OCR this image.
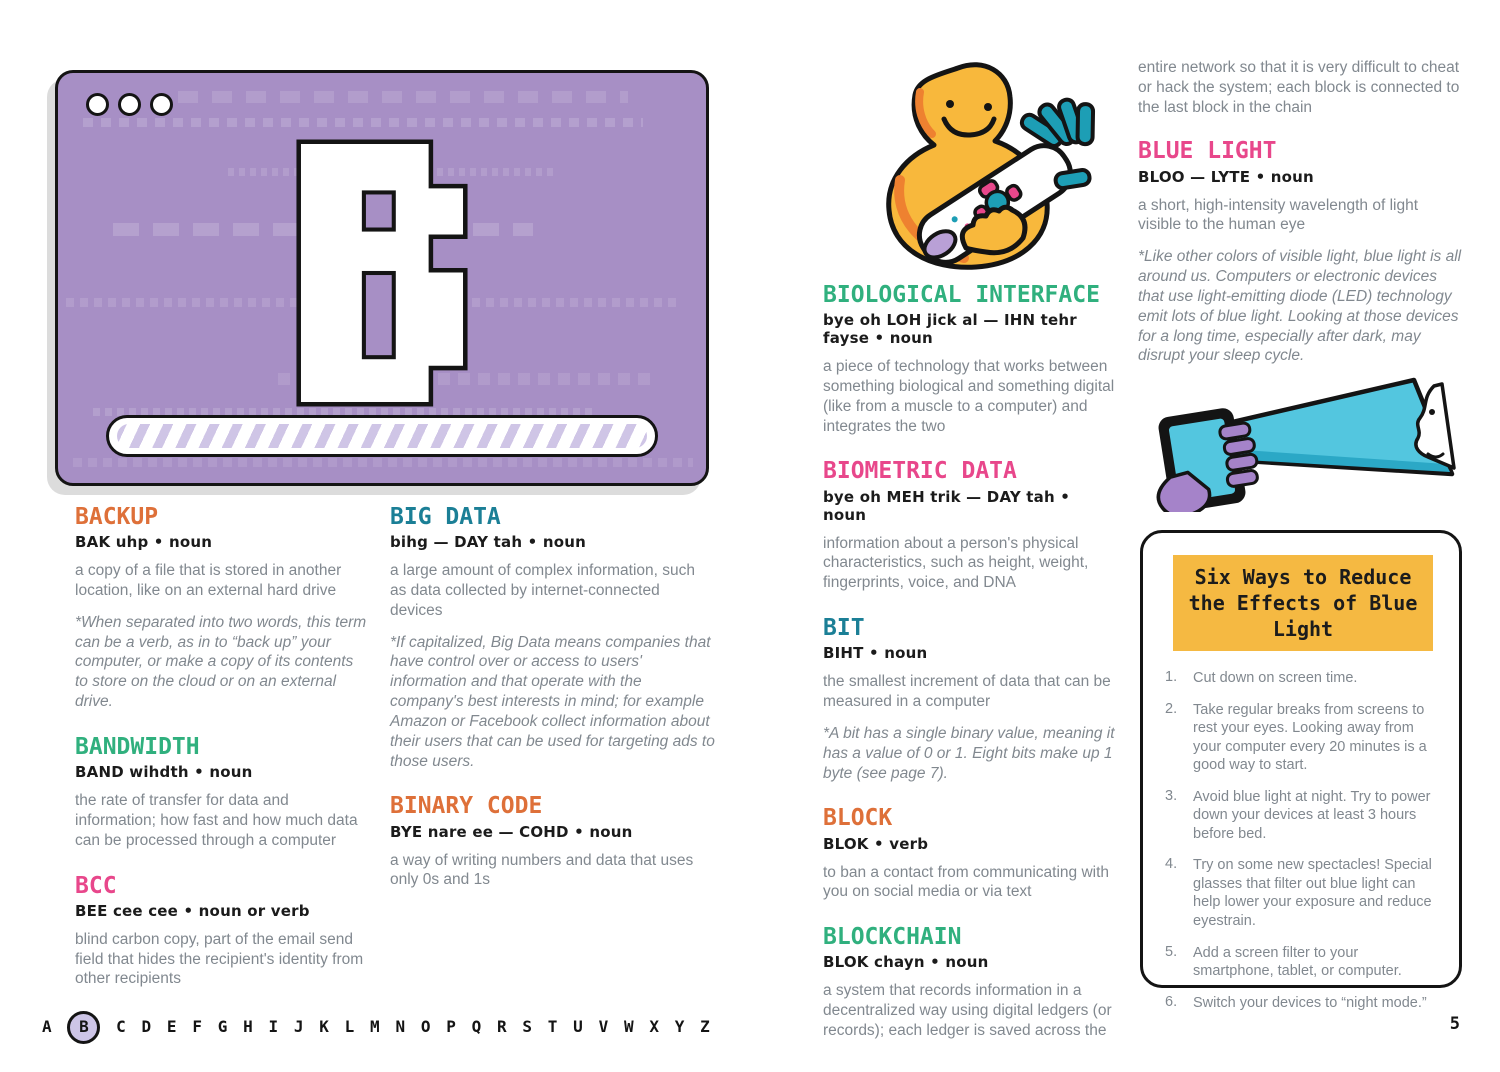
BACKUP

BAK uhp • noun

a copy of a file that is stored in another location, like on an external hard drive

*When separated into two words, this term can be a verb, as in to “back up” your computer, or make a copy of its contents to store on the cloud or on an external drive.

BANDWIDTH

BAND wihdth • noun

the rate of transfer for data and information; how fast and how much data can be processed through a computer

BCC

BEE cee cee • noun or verb

blind carbon copy, part of the email send field that hides the recipient's identity from other recipients

BIG DATA

bihg — DAY tah • noun

a large amount of complex information, such as data collected by internet-connected devices

*If capitalized, Big Data means companies that have control over or access to users' information and that operate with the company's best interests in mind; for example Amazon or Facebook collect information about their users that can be used for targeting ads to those users.

BINARY CODE

BYE nare ee — COHD • noun

a way of writing numbers and data that uses only 0s and 1s

BIOLOGICAL INTERFACE

bye oh LOH jick al — IHN tehr fayse • noun

a piece of technology that works between something biological and something digital (like from a muscle to a computer) and integrates the two

BIOMETRIC DATA

bye oh MEH trik — DAY tah • noun

information about a person's physical characteristics, such as height, weight, fingerprints, voice, and DNA

BIT

BIHT • noun

the smallest increment of data that can be measured in a computer

*A bit has a single binary value, meaning it has a value of 0 or 1. Eight bits make up 1 byte (see page 7).

BLOCK

BLOK • verb

to ban a contact from communicating with you on social media or via text

BLOCKCHAIN

BLOK chayn • noun

a system that records information in a decentralized way using digital ledgers (or records); each ledger is saved across the

entire network so that it is very difficult to cheat or hack the system; each block is connected to the last block in the chain

BLUE LIGHT

BLOO — LYTE • noun

a short, high-intensity wavelength of light visible to the human eye

*Like other colors of visible light, blue light is all around us. Computers or electronic devices that use light-emitting diode (LED) technology emit lots of blue light. Looking at those devices for a long time, especially after dark, may disrupt your sleep cycle.

Six Ways to Reduce the Effects of Blue Light
1.	Cut down on screen time.
2.	Take regular breaks from screens to rest your eyes. Looking away from your computer every 20 minutes is a good way to start.
3.	Avoid blue light at night. Try to power down your devices at least 3 hours before bed.
4.	Try on some new spectacles! Special glasses that filter out blue light can help lower your exposure and reduce eyestrain.
5.	Add a screen filter to your smartphone, tablet, or computer.
6.	Switch your devices to “night mode.”
A	B	C D E F G H I J K L M N O P Q R S T U V W X Y Z	5
